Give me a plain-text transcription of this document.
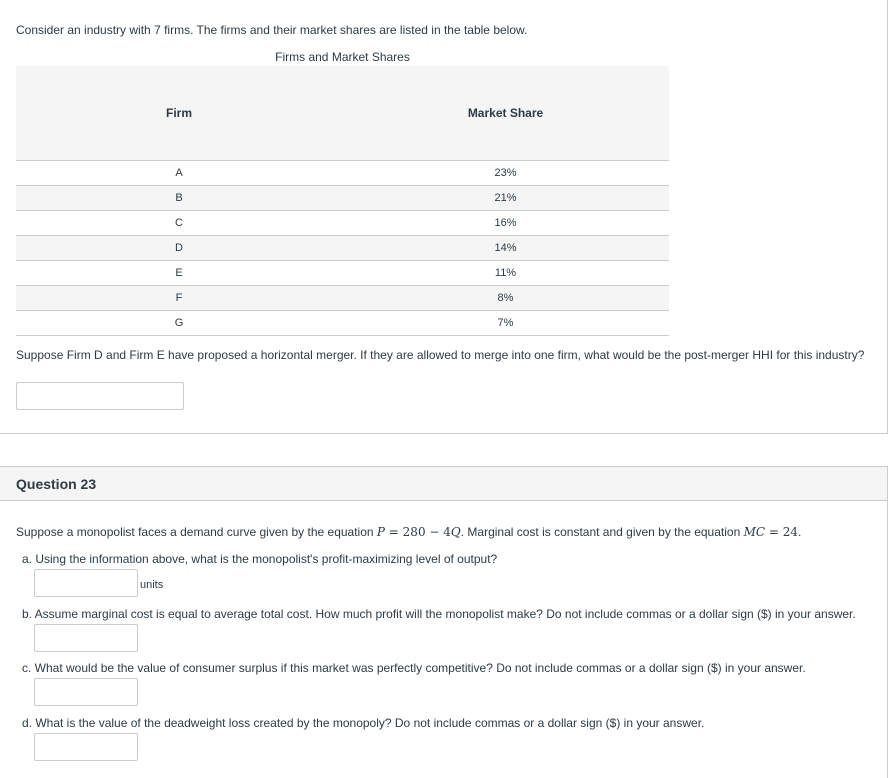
Consider an industry with 7 firms. The firms and their market shares are listed in the table below.
Firms and Market Shares
Firm	Market Share
A	23%
B	21%
C	16%
D	14%
E	11%
F	8%
G	7%
Suppose Firm D and Firm E have proposed a horizontal merger. If they are allowed to merge into one firm, what would be the post-merger HHI for this industry?
Question 23
Suppose a monopolist faces a demand curve given by the equation P = 280 − 4Q. Marginal cost is constant and given by the equation MC = 24.
a. Using the information above, what is the monopolist's profit-maximizing level of output?
units
b. Assume marginal cost is equal to average total cost. How much profit will the monopolist make? Do not include commas or a dollar sign ($) in your answer.
c. What would be the value of consumer surplus if this market was perfectly competitive? Do not include commas or a dollar sign ($) in your answer.
d. What is the value of the deadweight loss created by the monopoly? Do not include commas or a dollar sign ($) in your answer.
